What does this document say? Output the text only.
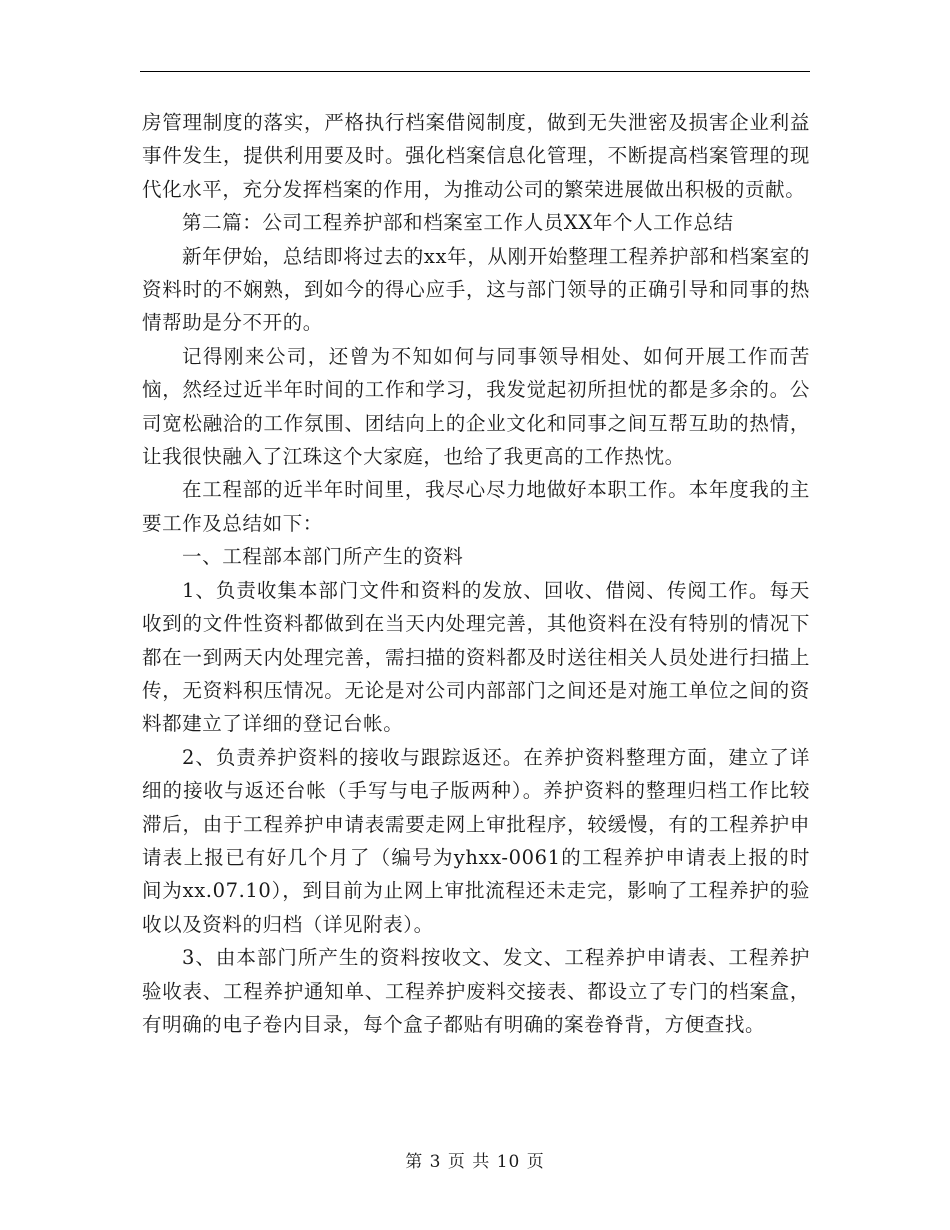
房管理制度的落实，严格执行档案借阅制度，做到无失泄密及损害企业利益事件发生，提供利用要及时。强化档案信息化管理，不断提高档案管理的现代化水平，充分发挥档案的作用，为推动公司的繁荣进展做出积极的贡献。

第二篇：公司工程养护部和档案室工作人员XX年个人工作总结

新年伊始，总结即将过去的xx年，从刚开始整理工程养护部和档案室的资料时的不娴熟，到如今的得心应手，这与部门领导的正确引导和同事的热情帮助是分不开的。

记得刚来公司，还曾为不知如何与同事领导相处、如何开展工作而苦恼，然经过近半年时间的工作和学习，我发觉起初所担忧的都是多余的。公司宽松融洽的工作氛围、团结向上的企业文化和同事之间互帮互助的热情，让我很快融入了江珠这个大家庭，也给了我更高的工作热忱。

在工程部的近半年时间里，我尽心尽力地做好本职工作。本年度我的主要工作及总结如下：

一、工程部本部门所产生的资料

1、负责收集本部门文件和资料的发放、回收、借阅、传阅工作。每天收到的文件性资料都做到在当天内处理完善，其他资料在没有特别的情况下都在一到两天内处理完善，需扫描的资料都及时送往相关人员处进行扫描上传，无资料积压情况。无论是对公司内部部门之间还是对施工单位之间的资料都建立了详细的登记台帐。

2、负责养护资料的接收与跟踪返还。在养护资料整理方面，建立了详细的接收与返还台帐（手写与电子版两种）。养护资料的整理归档工作比较滞后，由于工程养护申请表需要走网上审批程序，较缓慢，有的工程养护申请表上报已有好几个月了（编号为yhxx-0061的工程养护申请表上报的时间为xx.07.10），到目前为止网上审批流程还未走完，影响了工程养护的验收以及资料的归档（详见附表）。

3、由本部门所产生的资料按收文、发文、工程养护申请表、工程养护验收表、工程养护通知单、工程养护废料交接表、都设立了专门的档案盒，有明确的电子卷内目录，每个盒子都贴有明确的案卷脊背，方便查找。

第 3 页 共 10 页
